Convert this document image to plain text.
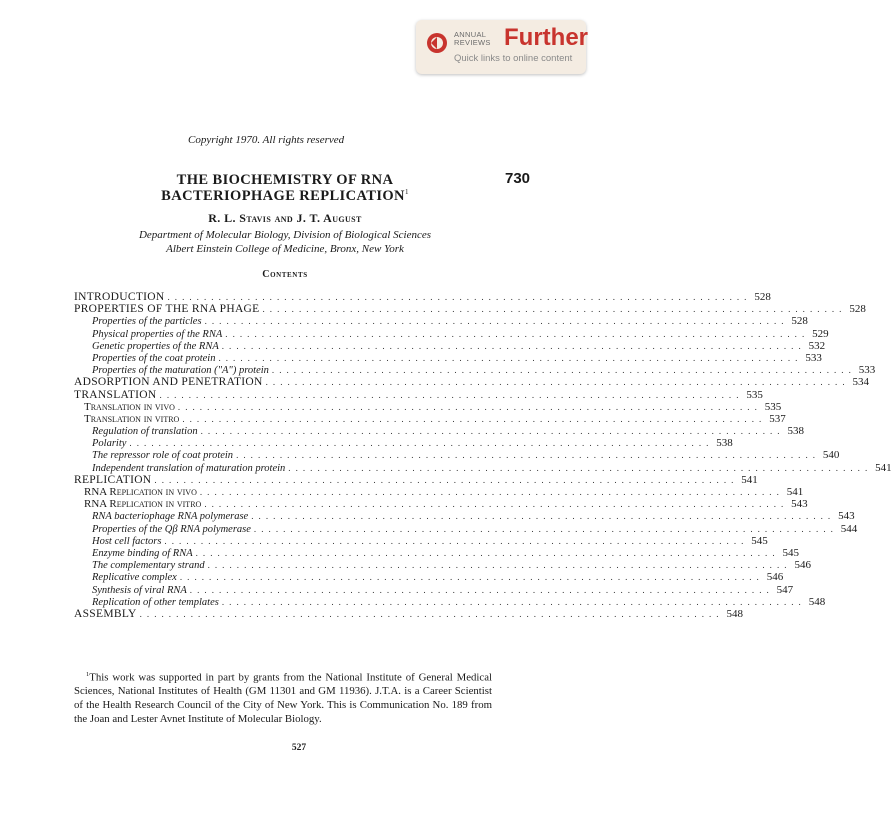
ANNUAL
REVIEWS Further
Quick links to online content
Copyright 1970. All rights reserved
730
THE BIOCHEMISTRY OF RNA
BACTERIOPHAGE REPLICATION$^1$
R. L. Stavis and J. T. August
Department of Molecular Biology, Division of Biological Sciences
Albert Einstein College of Medicine, Bronx, New York
Contents
INTRODUCTION . . . . . . . . . . . . . . . . . . . . . . . . . . . . . . . . . . . . . . . . . . . . . . . . . . . . . . . . . . . . . . . . . . . . . . . . . . . . . . . . 528
PROPERTIES OF THE RNA PHAGE . . . . . . . . . . . . . . . . . . . . . . . . . . . . . . . . . . . . . . . . . . . . . . . . . . . . . . . . . . . . . . . . . . . . . . . . . . . . . . . . 528
Properties of the particles . . . . . . . . . . . . . . . . . . . . . . . . . . . . . . . . . . . . . . . . . . . . . . . . . . . . . . . . . . . . . . . . . . . . . . . . . . . . . . . . 528
Physical properties of the RNA . . . . . . . . . . . . . . . . . . . . . . . . . . . . . . . . . . . . . . . . . . . . . . . . . . . . . . . . . . . . . . . . . . . . . . . . . . . . . . . . 529
Genetic properties of the RNA . . . . . . . . . . . . . . . . . . . . . . . . . . . . . . . . . . . . . . . . . . . . . . . . . . . . . . . . . . . . . . . . . . . . . . . . . . . . . . . . 532
Properties of the coat protein . . . . . . . . . . . . . . . . . . . . . . . . . . . . . . . . . . . . . . . . . . . . . . . . . . . . . . . . . . . . . . . . . . . . . . . . . . . . . . . . 533
Properties of the maturation ("A") protein . . . . . . . . . . . . . . . . . . . . . . . . . . . . . . . . . . . . . . . . . . . . . . . . . . . . . . . . . . . . . . . . . . . . . . . . . . . . . . . . 533
ADSORPTION AND PENETRATION . . . . . . . . . . . . . . . . . . . . . . . . . . . . . . . . . . . . . . . . . . . . . . . . . . . . . . . . . . . . . . . . . . . . . . . . . . . . . . . . 534
TRANSLATION . . . . . . . . . . . . . . . . . . . . . . . . . . . . . . . . . . . . . . . . . . . . . . . . . . . . . . . . . . . . . . . . . . . . . . . . . . . . . . . . 535
Translation in vivo . . . . . . . . . . . . . . . . . . . . . . . . . . . . . . . . . . . . . . . . . . . . . . . . . . . . . . . . . . . . . . . . . . . . . . . . . . . . . . . . 535
Translation in vitro . . . . . . . . . . . . . . . . . . . . . . . . . . . . . . . . . . . . . . . . . . . . . . . . . . . . . . . . . . . . . . . . . . . . . . . . . . . . . . . . 537
Regulation of translation . . . . . . . . . . . . . . . . . . . . . . . . . . . . . . . . . . . . . . . . . . . . . . . . . . . . . . . . . . . . . . . . . . . . . . . . . . . . . . . . 538
Polarity . . . . . . . . . . . . . . . . . . . . . . . . . . . . . . . . . . . . . . . . . . . . . . . . . . . . . . . . . . . . . . . . . . . . . . . . . . . . . . . . 538
The repressor role of coat protein . . . . . . . . . . . . . . . . . . . . . . . . . . . . . . . . . . . . . . . . . . . . . . . . . . . . . . . . . . . . . . . . . . . . . . . . . . . . . . . . 540
Independent translation of maturation protein . . . . . . . . . . . . . . . . . . . . . . . . . . . . . . . . . . . . . . . . . . . . . . . . . . . . . . . . . . . . . . . . . . . . . . . . . . . . . . . . 541
REPLICATION . . . . . . . . . . . . . . . . . . . . . . . . . . . . . . . . . . . . . . . . . . . . . . . . . . . . . . . . . . . . . . . . . . . . . . . . . . . . . . . . 541
RNA Replication in vivo . . . . . . . . . . . . . . . . . . . . . . . . . . . . . . . . . . . . . . . . . . . . . . . . . . . . . . . . . . . . . . . . . . . . . . . . . . . . . . . . 541
RNA Replication in vitro . . . . . . . . . . . . . . . . . . . . . . . . . . . . . . . . . . . . . . . . . . . . . . . . . . . . . . . . . . . . . . . . . . . . . . . . . . . . . . . . 543
RNA bacteriophage RNA polymerase . . . . . . . . . . . . . . . . . . . . . . . . . . . . . . . . . . . . . . . . . . . . . . . . . . . . . . . . . . . . . . . . . . . . . . . . . . . . . . . . 543
Properties of the Qβ RNA polymerase . . . . . . . . . . . . . . . . . . . . . . . . . . . . . . . . . . . . . . . . . . . . . . . . . . . . . . . . . . . . . . . . . . . . . . . . . . . . . . . . 544
Host cell factors . . . . . . . . . . . . . . . . . . . . . . . . . . . . . . . . . . . . . . . . . . . . . . . . . . . . . . . . . . . . . . . . . . . . . . . . . . . . . . . . 545
Enzyme binding of RNA . . . . . . . . . . . . . . . . . . . . . . . . . . . . . . . . . . . . . . . . . . . . . . . . . . . . . . . . . . . . . . . . . . . . . . . . . . . . . . . . 545
The complementary strand . . . . . . . . . . . . . . . . . . . . . . . . . . . . . . . . . . . . . . . . . . . . . . . . . . . . . . . . . . . . . . . . . . . . . . . . . . . . . . . . 546
Replicative complex . . . . . . . . . . . . . . . . . . . . . . . . . . . . . . . . . . . . . . . . . . . . . . . . . . . . . . . . . . . . . . . . . . . . . . . . . . . . . . . . 546
Synthesis of viral RNA . . . . . . . . . . . . . . . . . . . . . . . . . . . . . . . . . . . . . . . . . . . . . . . . . . . . . . . . . . . . . . . . . . . . . . . . . . . . . . . . 547
Replication of other templates . . . . . . . . . . . . . . . . . . . . . . . . . . . . . . . . . . . . . . . . . . . . . . . . . . . . . . . . . . . . . . . . . . . . . . . . . . . . . . . . 548
ASSEMBLY . . . . . . . . . . . . . . . . . . . . . . . . . . . . . . . . . . . . . . . . . . . . . . . . . . . . . . . . . . . . . . . . . . . . . . . . . . . . . . . . 548
$^1$This work was supported in part by grants from the National Institute of General Medical Sciences, National Institutes of Health (GM 11301 and GM 11936). J.T.A. is a Career Scientist of the Health Research Council of the City of New York. This is Communication No. 189 from the Joan and Lester Avnet Institute of Molecular Biology.
527
